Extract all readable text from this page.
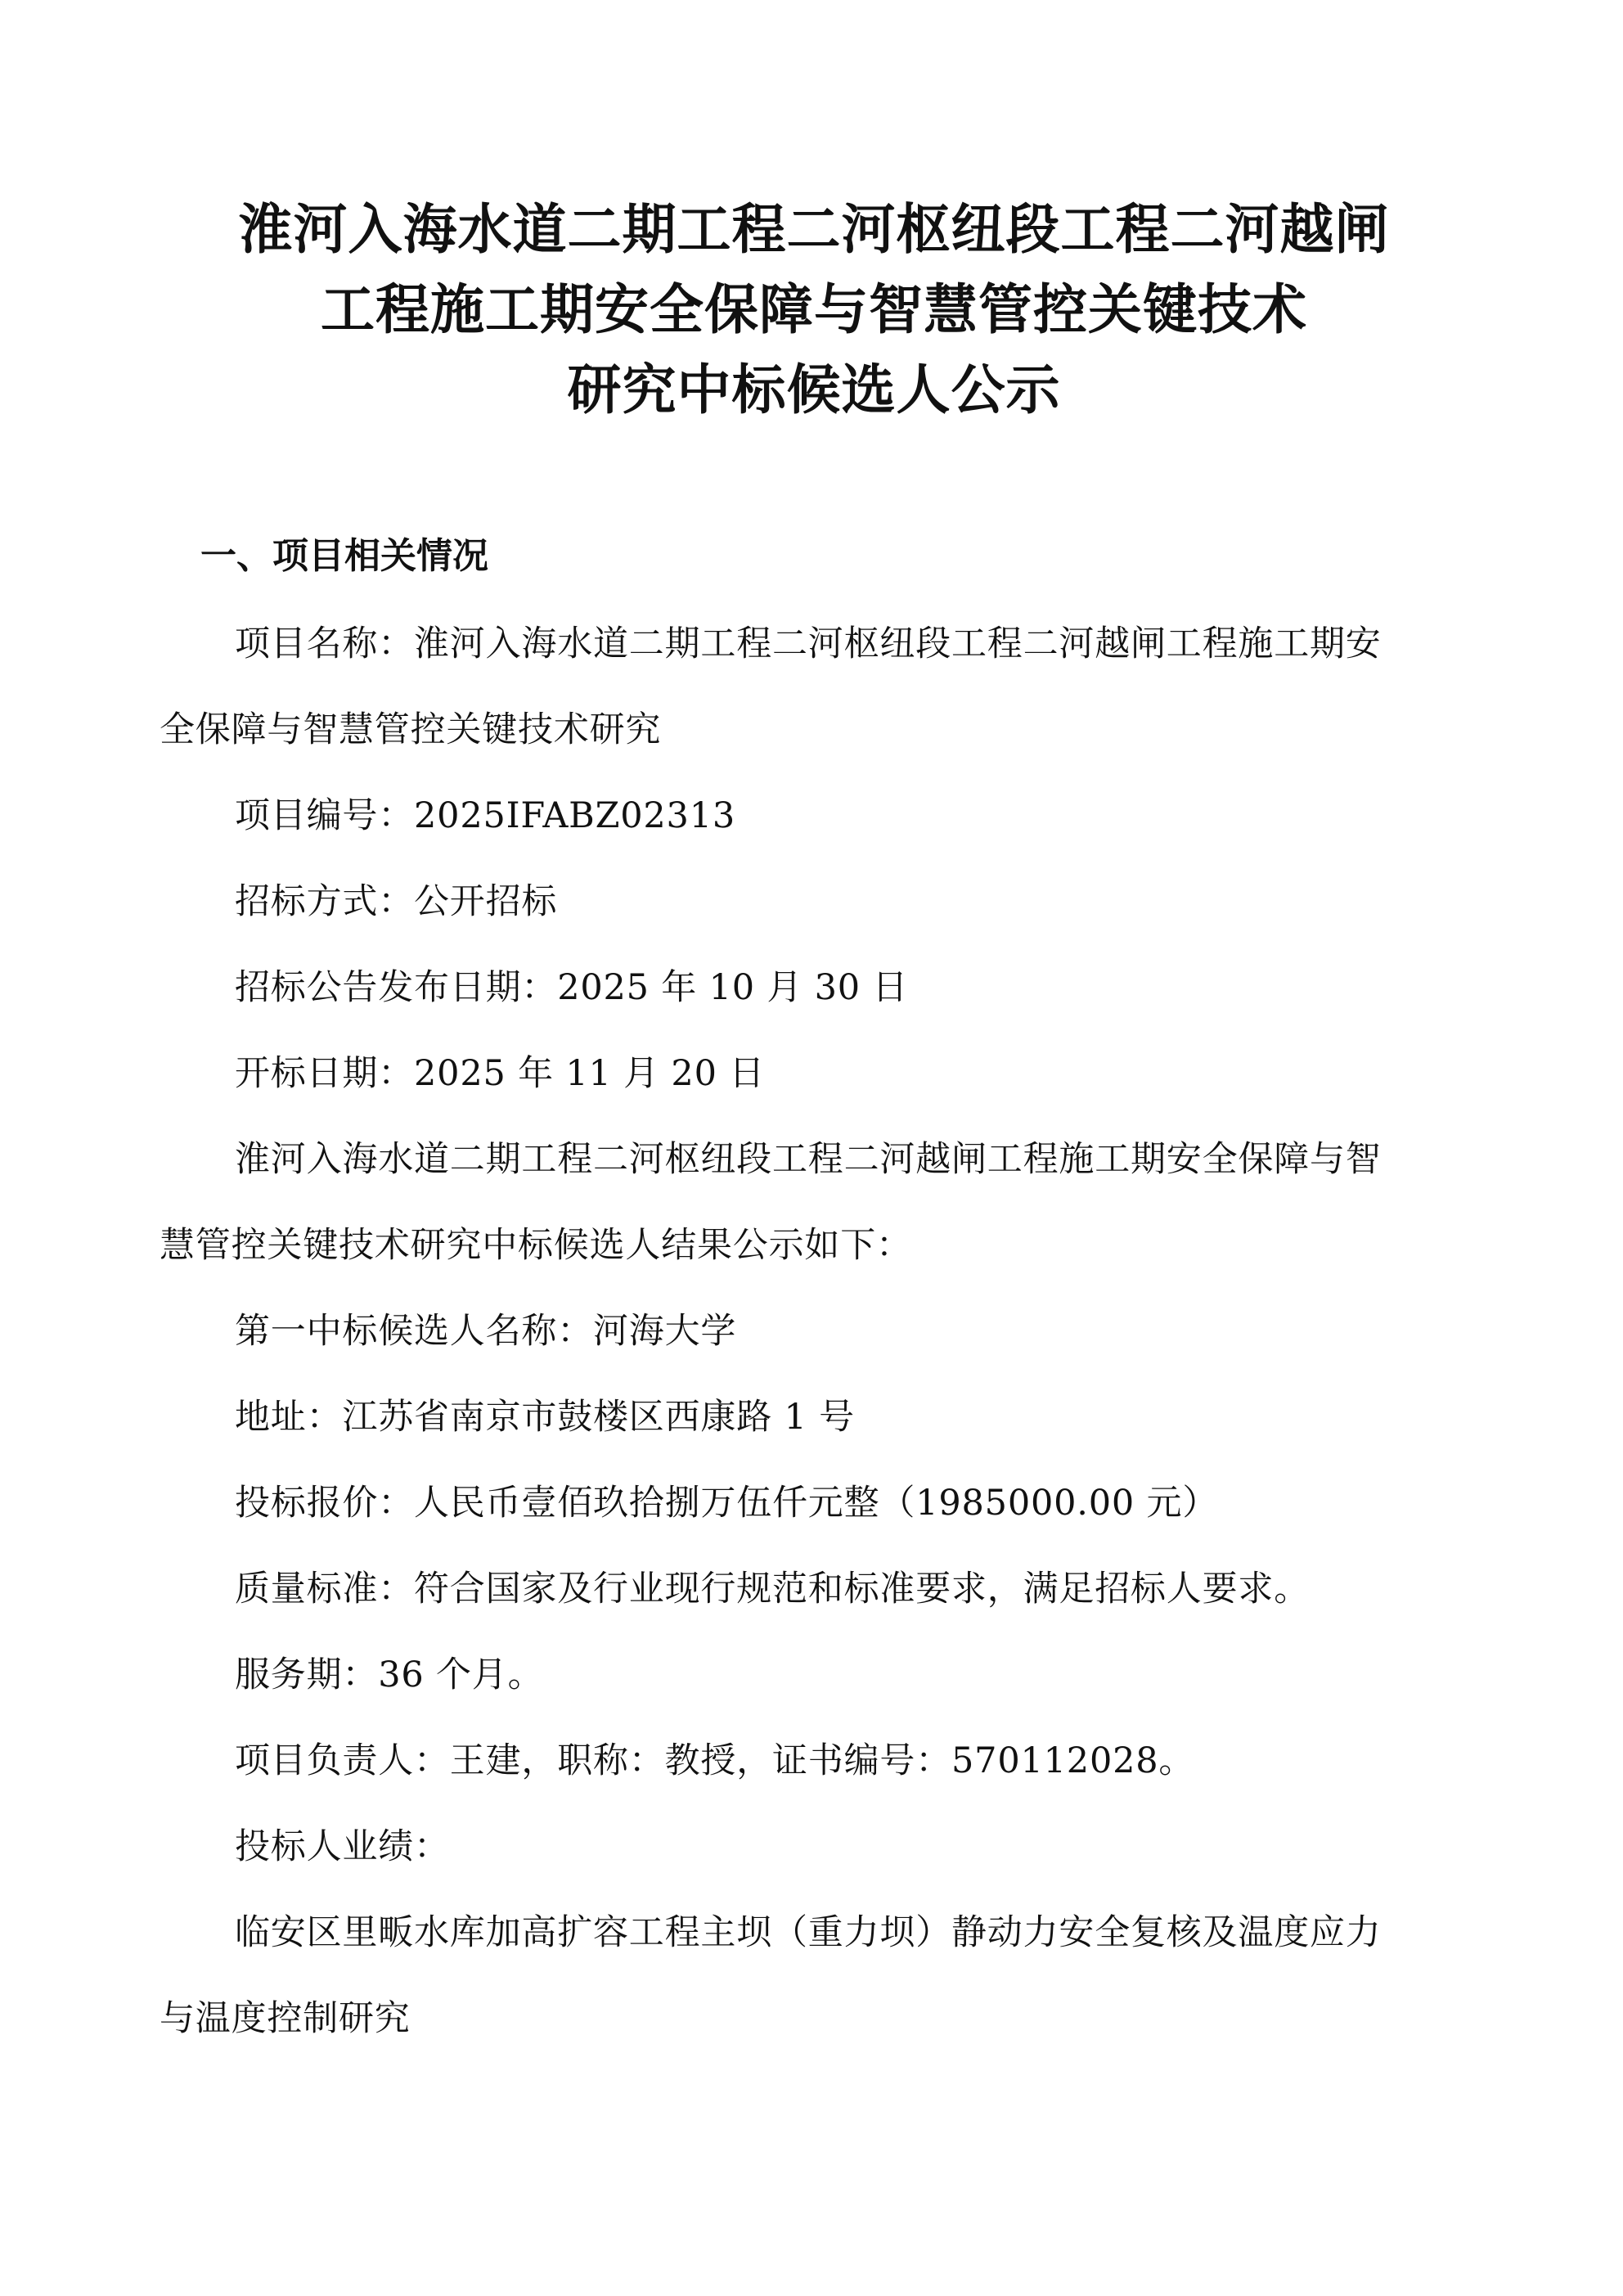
淮河入海水道二期工程二河枢纽段工程二河越闸
工程施工期安全保障与智慧管控关键技术
研究中标候选人公示
一、项目相关情况
项目名称：淮河入海水道二期工程二河枢纽段工程二河越闸工程施工期安
全保障与智慧管控关键技术研究
项目编号：2025IFABZ02313
招标方式：公开招标
招标公告发布日期：2025 年 10 月 30 日
开标日期：2025 年 11 月 20 日
淮河入海水道二期工程二河枢纽段工程二河越闸工程施工期安全保障与智
慧管控关键技术研究中标候选人结果公示如下：
第一中标候选人名称：河海大学
地址：江苏省南京市鼓楼区西康路 1 号
投标报价：人民币壹佰玖拾捌万伍仟元整（1985000.00 元）
质量标准：符合国家及行业现行规范和标准要求，满足招标人要求。
服务期：36 个月。
项目负责人：王建，职称：教授，证书编号：570112028。
投标人业绩：
临安区里畈水库加高扩容工程主坝（重力坝）静动力安全复核及温度应力
与温度控制研究
